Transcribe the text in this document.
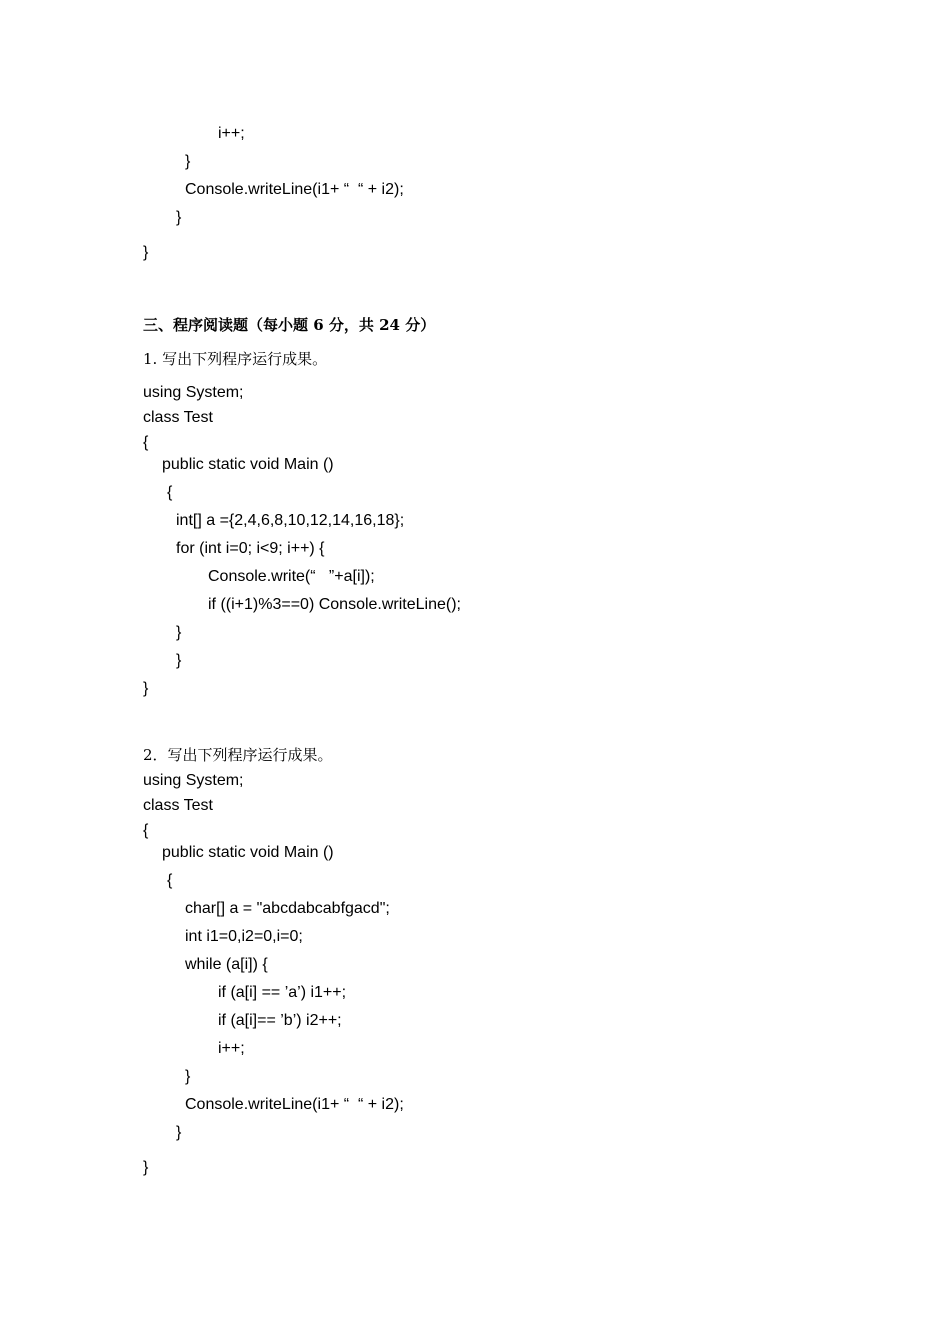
i++;
}
Console.writeLine(i1+ “  “ + i2);
}
}
三、程序阅读题（每小题 6 分，共 24 分）
1. 写出下列程序运行成果。
using System;
class Test
{
public static void Main ()
{
int[] a ={2,4,6,8,10,12,14,16,18};
for (int i=0; i<9; i++) {
Console.write(“   ”+a[i]);
if ((i+1)%3==0) Console.writeLine();
}
}
}
2．写出下列程序运行成果。
using System;
class Test
{
public static void Main ()
{
char[] a = "abcdabcabfgacd";
int i1=0,i2=0,i=0;
while (a[i]) {
if (a[i] == ’a’) i1++;
if (a[i]== ’b’) i2++;
i++;
}
Console.writeLine(i1+ “  “ + i2);
}
}
